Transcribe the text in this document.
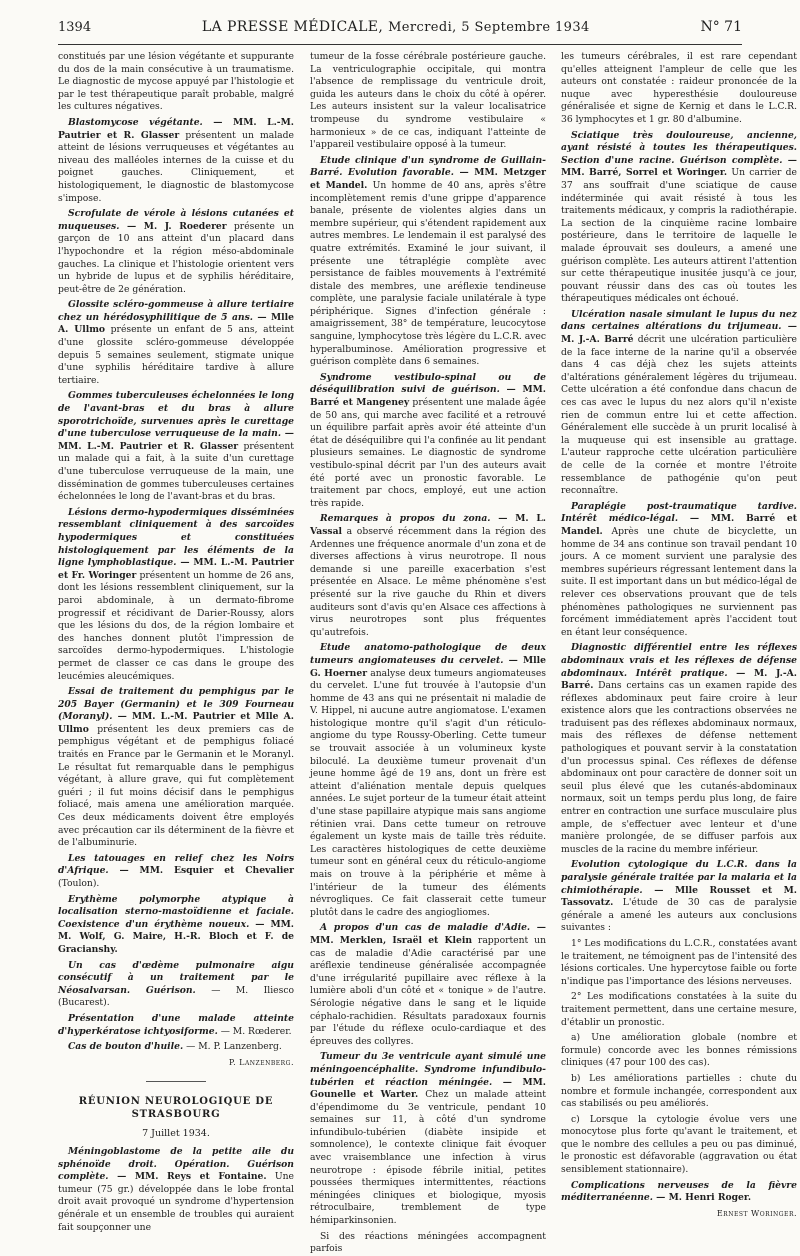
1394	LA PRESSE MÉDICALE, Mercredi, 5 Septembre 1934	N° 71

constitués par une lésion végétante et suppurante du dos de la main consécutive à un traumatisme. Le diagnostic de mycose appuyé par l'histologie et par le test thérapeutique paraît probable, malgré les cultures négatives.

Blastomycose végétante. — MM. L.-M. Pautrier et R. Glasser présentent un malade atteint de lésions verruqueuses et végétantes au niveau des malléoles internes de la cuisse et du poignet gauches. Cliniquement, et histologiquement, le diagnostic de blastomycose s'impose.

Scrofulate de vérole à lésions cutanées et muqueuses. — M. J. Roederer présente un garçon de 10 ans atteint d'un placard dans l'hypochondre et la région méso-abdominale gauches. La clinique et l'histologie orientent vers un hybride de lupus et de syphilis héréditaire, peut-être de 2e génération.

Glossite scléro-gommeuse à allure tertiaire chez un hérédosyphilitique de 5 ans. — Mlle A. Ullmo présente un enfant de 5 ans, atteint d'une glossite scléro-gommeuse développée depuis 5 semaines seulement, stigmate unique d'une syphilis héréditaire tardive à allure tertiaire.

Gommes tuberculeuses échelonnées le long de l'avant-bras et du bras à allure sporotrichoïde, survenues après le curettage d'une tuberculose verruqueuse de la main. — MM. L.-M. Pautrier et R. Glasser présentent un malade qui a fait, à la suite d'un curettage d'une tuberculose verruqueuse de la main, une dissémination de gommes tuberculeuses certaines échelonnées le long de l'avant-bras et du bras.

Lésions dermo-hypodermiques disséminées ressemblant cliniquement à des sarcoïdes hypodermiques et constituées histologiquement par les éléments de la ligne lymphoblastique. — MM. L.-M. Pautrier et Fr. Woringer présentent un homme de 26 ans, dont les lésions ressemblent cliniquement, sur la paroi abdominale, à un dermato-fibrome progressif et récidivant de Darier-Roussy, alors que les lésions du dos, de la région lombaire et des hanches donnent plutôt l'impression de sarcoïdes dermo-hypodermiques. L'histologie permet de classer ce cas dans le groupe des leucémies aleucémiques.

Essai de traitement du pemphigus par le 205 Bayer (Germanin) et le 309 Fourneau (Moranyl). — MM. L.-M. Pautrier et Mlle A. Ullmo présentent les deux premiers cas de pemphigus végétant et de pemphigus foliacé traités en France par le Germanin et le Moranyl. Le résultat fut remarquable dans le pemphigus végétant, à allure grave, qui fut complètement guéri ; il fut moins décisif dans le pemphigus foliacé, mais amena une amélioration marquée. Ces deux médicaments doivent être employés avec précaution car ils déterminent de la fièvre et de l'albuminurie.

Les tatouages en relief chez les Noirs d'Afrique. — MM. Esquier et Chevalier (Toulon).

Erythème polymorphe atypique à localisation sterno-mastoïdienne et faciale. Coexistence d'un érythème noueux. — MM. M. Wolf, G. Maire, H.-R. Bloch et F. de Gracianshy.

Un cas d'œdème pulmonaire aigu consécutif à un traitement par le Néosalvarsan. Guérison. — M. Iliesco (Bucarest).

Présentation d'une malade atteinte d'hyperkératose ichtyosiforme. — M. Rœderer.

Cas de bouton d'huile. — M. P. Lanzenberg.

P. Lanzenberg.
RÉUNION NEUROLOGIQUE DE STRASBOURG
7 Juillet 1934.

Méningoblastome de la petite aile du sphénoïde droit. Opération. Guérison complète. — MM. Reys et Fontaine. Une tumeur (75 gr.) développée dans le lobe frontal droit avait provoqué un syndrome d'hypertension générale et un ensemble de troubles qui auraient fait soupçonner une

tumeur de la fosse cérébrale postérieure gauche. La ventriculographie occipitale, qui montra l'absence de remplissage du ventricule droit, guida les auteurs dans le choix du côté à opérer. Les auteurs insistent sur la valeur localisatrice trompeuse du syndrome vestibulaire « harmonieux » de ce cas, indiquant l'atteinte de l'appareil vestibulaire opposé à la tumeur.

Etude clinique d'un syndrome de Guillain-Barré. Evolution favorable. — MM. Metzger et Mandel. Un homme de 40 ans, après s'être incomplètement remis d'une grippe d'apparence banale, présente de violentes algies dans un membre supérieur, qui s'étendent rapidement aux autres membres. Le lendemain il est paralysé des quatre extrémités. Examiné le jour suivant, il présente une tétraplégie complète avec persistance de faibles mouvements à l'extrémité distale des membres, une aréflexie tendineuse complète, une paralysie faciale unilatérale à type périphérique. Signes d'infection générale : amaigrissement, 38° de température, leucocytose sanguine, lymphocytose très légère du L.C.R. avec hyperalbuminose. Amélioration progressive et guérison complète dans 6 semaines.

Syndrome vestibulo-spinal ou de déséquilibration suivi de guérison. — MM. Barré et Mangeney présentent une malade âgée de 50 ans, qui marche avec facilité et a retrouvé un équilibre parfait après avoir été atteinte d'un état de déséquilibre qui l'a confinée au lit pendant plusieurs semaines. Le diagnostic de syndrome vestibulo-spinal décrit par l'un des auteurs avait été porté avec un pronostic favorable. Le traitement par chocs, employé, eut une action très rapide.

Remarques à propos du zona. — M. L. Vassal a observé récemment dans la région des Ardennes une fréquence anormale d'un zona et de diverses affections à virus neurotrope. Il nous demande si une pareille exacerbation s'est présentée en Alsace. Le même phénomène s'est présenté sur la rive gauche du Rhin et divers auditeurs sont d'avis qu'en Alsace ces affections à virus neurotropes sont plus fréquentes qu'autrefois.

Etude anatomo-pathologique de deux tumeurs angiomateuses du cervelet. — Mlle G. Hoerner analyse deux tumeurs angiomateuses du cervelet. L'une fut trouvée à l'autopsie d'un homme de 43 ans qui ne présentait ni maladie de V. Hippel, ni aucune autre angiomatose. L'examen histologique montre qu'il s'agit d'un réticulo-angiome du type Roussy-Oberling. Cette tumeur se trouvait associée à un volumineux kyste biloculé. La deuxième tumeur provenait d'un jeune homme âgé de 19 ans, dont un frère est atteint d'aliénation mentale depuis quelques années. Le sujet porteur de la tumeur était atteint d'une stase papillaire atypique mais sans angiome rétinien vrai. Dans cette tumeur on retrouve également un kyste mais de taille très réduite. Les caractères histologiques de cette deuxième tumeur sont en général ceux du réticulo-angiome mais on trouve à la périphérie et même à l'intérieur de la tumeur des éléments névrogliques. Ce fait classerait cette tumeur plutôt dans le cadre des angiogliomes.

A propos d'un cas de maladie d'Adie. — MM. Merklen, Israël et Klein rapportent un cas de maladie d'Adie caractérisé par une aréflexie tendineuse généralisée accompagnée d'une irrégularité pupillaire avec réflexe à la lumière aboli d'un côté et « tonique » de l'autre. Sérologie négative dans le sang et le liquide céphalo-rachidien. Résultats paradoxaux fournis par l'étude du réflexe oculo-cardiaque et des épreuves des collyres.

Tumeur du 3e ventricule ayant simulé une méningoencéphalite. Syndrome infundibulo-tubérien et réaction méningée. — MM. Gounelle et Warter. Chez un malade atteint d'épendimome du 3e ventricule, pendant 10 semaines sur 11, à côté d'un syndrome infundibulo-tubérien (diabète insipide et somnolence), le contexte clinique fait évoquer avec vraisemblance une infection à virus neurotrope : épisode fébrile initial, petites poussées thermiques intermittentes, réactions méningées cliniques et biologique, myosis rétroculbaire, tremblement de type hémiparkinsonien.

Si des réactions méningées accompagnent parfois

les tumeurs cérébrales, il est rare cependant qu'elles atteignent l'ampleur de celle que les auteurs ont constatée : raideur prononcée de la nuque avec hyperesthésie douloureuse généralisée et signe de Kernig et dans le L.C.R. 36 lymphocytes et 1 gr. 80 d'albumine.

Sciatique très douloureuse, ancienne, ayant résisté à toutes les thérapeutiques. Section d'une racine. Guérison complète. — MM. Barré, Sorrel et Woringer. Un carrier de 37 ans souffrait d'une sciatique de cause indéterminée qui avait résisté à tous les traitements médicaux, y compris la radiothérapie. La section de la cinquième racine lombaire postérieure, dans le territoire de laquelle le malade éprouvait ses douleurs, a amené une guérison complète. Les auteurs attirent l'attention sur cette thérapeutique inusitée jusqu'à ce jour, pouvant réussir dans des cas où toutes les thérapeutiques médicales ont échoué.

Ulcération nasale simulant le lupus du nez dans certaines altérations du trijumeau. — M. J.-A. Barré décrit une ulcération particulière de la face interne de la narine qu'il a observée dans 4 cas déjà chez les sujets atteints d'altérations généralement légères du trijumeau. Cette ulcération a été confondue dans chacun de ces cas avec le lupus du nez alors qu'il n'existe rien de commun entre lui et cette affection. Généralement elle succède à un prurit localisé à la muqueuse qui est insensible au grattage. L'auteur rapproche cette ulcération particulière de celle de la cornée et montre l'étroite ressemblance de pathogénie qu'on peut reconnaître.

Paraplégie post-traumatique tardive. Intérêt médico-légal. — MM. Barré et Mandel. Après une chute de bicyclette, un homme de 34 ans continue son travail pendant 10 jours. A ce moment survient une paralysie des membres supérieurs régressant lentement dans la suite. Il est important dans un but médico-légal de relever ces observations prouvant que de tels phénomènes pathologiques ne surviennent pas forcément immédiatement après l'accident tout en étant leur conséquence.

Diagnostic différentiel entre les réflexes abdominaux vrais et les réflexes de défense abdominaux. Intérêt pratique. — M. J.-A. Barré. Dans certains cas un examen rapide des réflexes abdominaux peut faire croire à leur existence alors que les contractions observées ne traduisent pas des réflexes abdominaux normaux, mais des réflexes de défense nettement pathologiques et pouvant servir à la constatation d'un processus spinal. Ces réflexes de défense abdominaux ont pour caractère de donner soit un seuil plus élevé que les cutanés-abdominaux normaux, soit un temps perdu plus long, de faire entrer en contraction une surface musculaire plus ample, de s'effectuer avec lenteur et d'une manière prolongée, de se diffuser parfois aux muscles de la racine du membre inférieur.

Evolution cytologique du L.C.R. dans la paralysie générale traitée par la malaria et la chimiothérapie. — Mlle Rousset et M. Tassovatz. L'étude de 30 cas de paralysie générale a amené les auteurs aux conclusions suivantes :

1° Les modifications du L.C.R., constatées avant le traitement, ne témoignent pas de l'intensité des lésions corticales. Une hypercytose faible ou forte n'indique pas l'importance des lésions nerveuses.

2° Les modifications constatées à la suite du traitement permettent, dans une certaine mesure, d'établir un pronostic.

a) Une amélioration globale (nombre et formule) concorde avec les bonnes rémissions cliniques (47 pour 100 des cas).

b) Les améliorations partielles : chute du nombre et formule inchangée, correspondent aux cas stabilisés ou peu améliorés.

c) Lorsque la cytologie évolue vers une monocytose plus forte qu'avant le traitement, et que le nombre des cellules a peu ou pas diminué, le pronostic est défavorable (aggravation ou état sensiblement stationnaire).

Complications nerveuses de la fièvre méditerranéenne. — M. Henri Roger.

Ernest Woringer.
